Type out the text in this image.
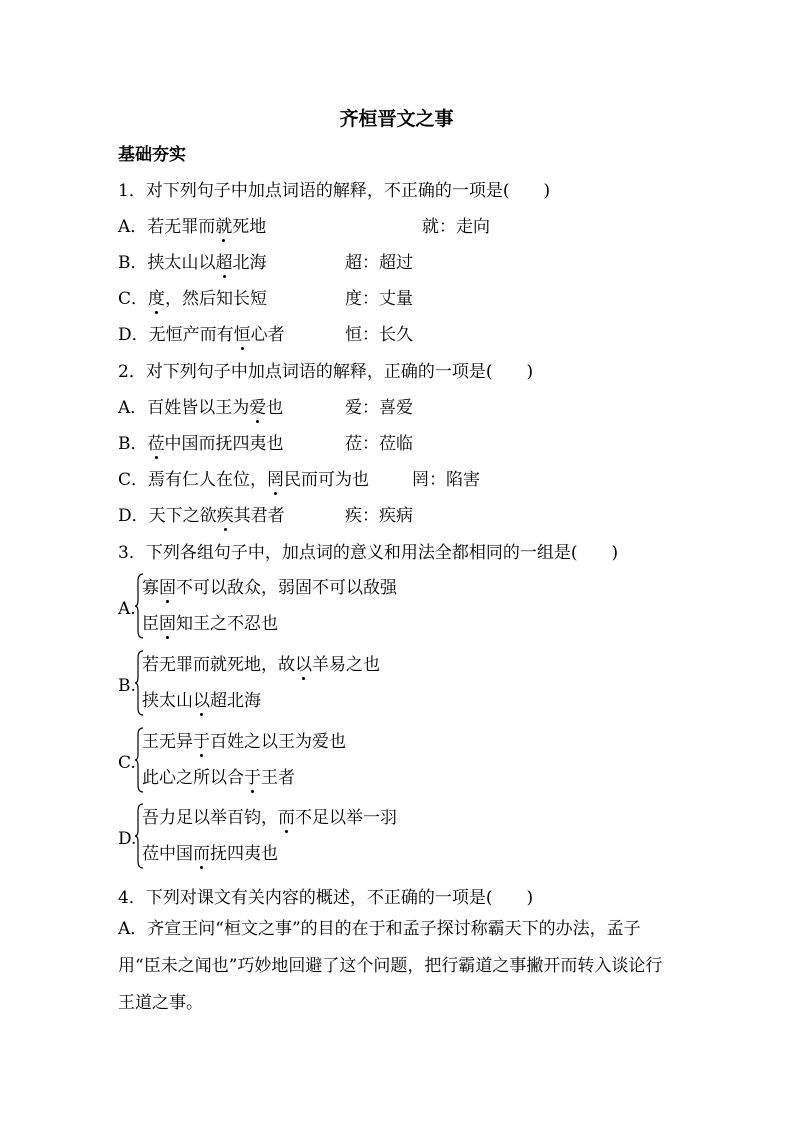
齐桓晋文之事
基础夯实
1．对下列句子中加点词语的解释，不正确的一项是(　　)
A．若无罪而就死地	就：走向
B．挟太山以超北海	超：超过
C．度，然后知长短	度：丈量
D．无恒产而有恒心者	恒：长久
2．对下列句子中加点词语的解释，正确的一项是(　　)
A．百姓皆以王为爱也	爱：喜爱
B．莅中国而抚四夷也	莅：莅临
C．焉有仁人在位，罔民而可为也	罔：陷害
D．天下之欲疾其君者	疾：疾病
3．下列各组句子中，加点词的意义和用法全都相同的一组是(　　)
A.
寡固不可以敌众，弱固不可以敌强
臣固知王之不忍也
B.
若无罪而就死地，故以羊易之也
挟太山以超北海
C.
王无异于百姓之以王为爱也
此心之所以合于王者
D.
吾力足以举百钧，而不足以举一羽
莅中国而抚四夷也
4．下列对课文有关内容的概述，不正确的一项是(　　)
A．齐宣王问“桓文之事”的目的在于和孟子探讨称霸天下的办法，孟子用“臣未之闻也”巧妙地回避了这个问题，把行霸道之事撇开而转入谈论行王道之事。
